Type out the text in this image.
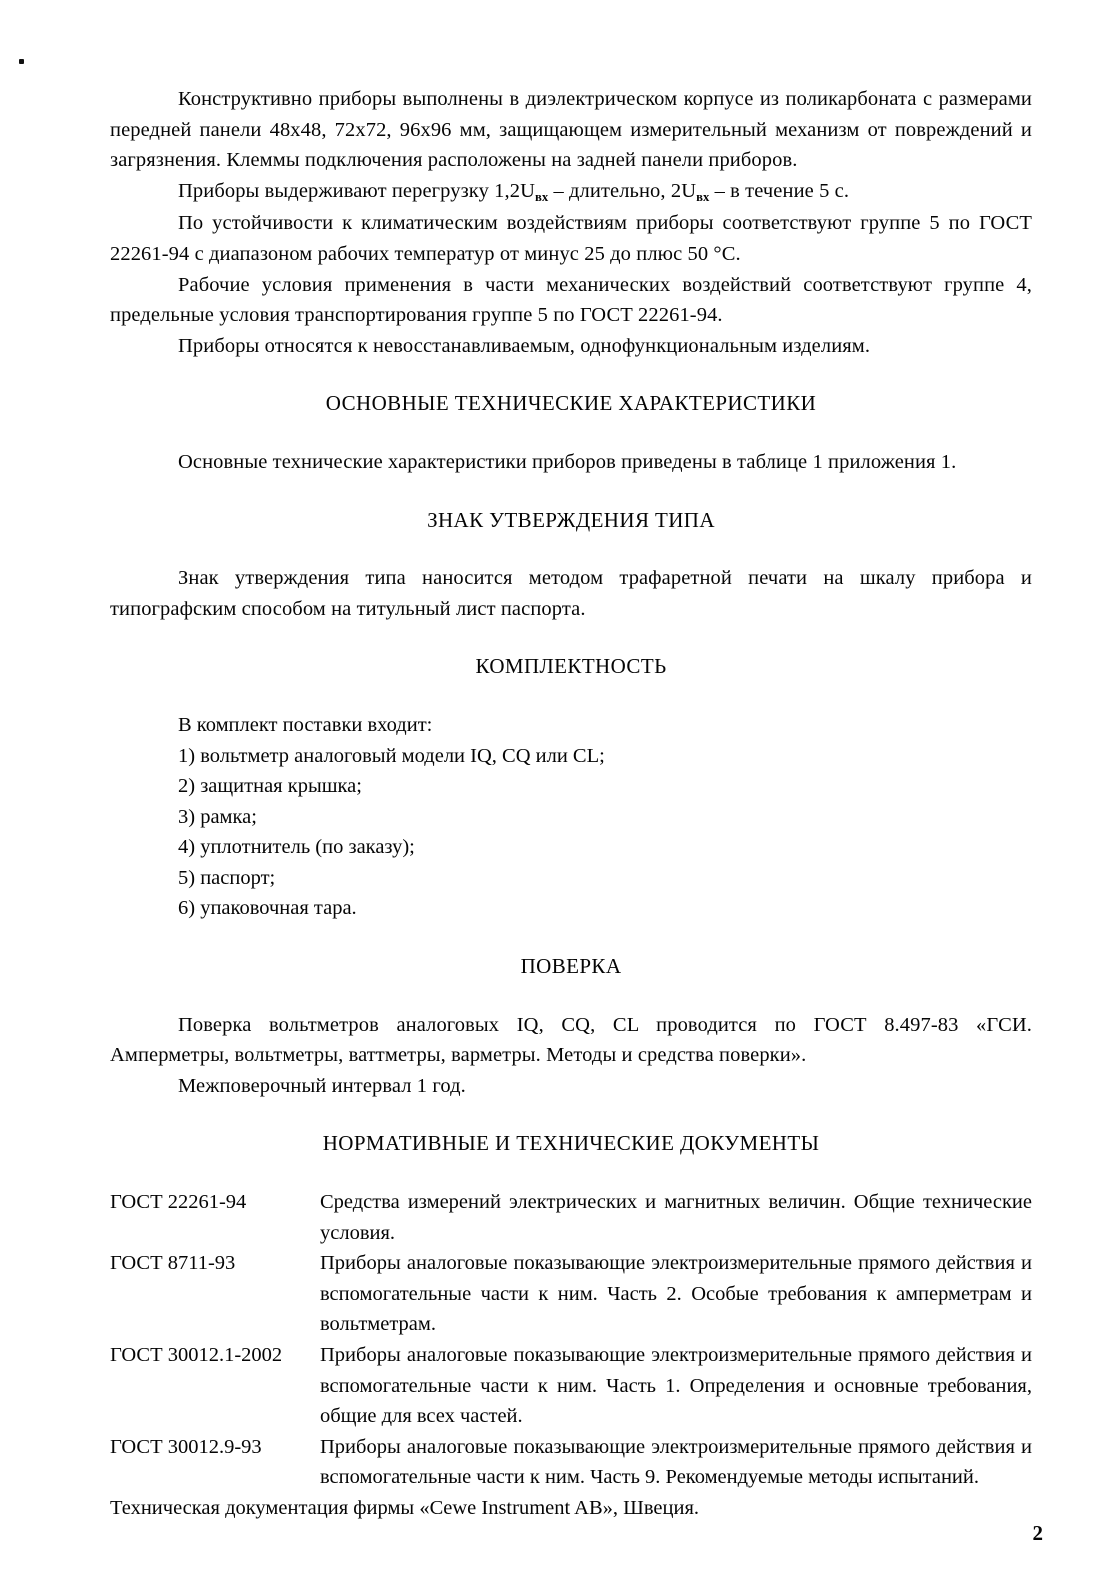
Конструктивно приборы выполнены в диэлектрическом корпусе из поликарбоната с размерами передней панели 48х48, 72х72, 96х96 мм, защищающем измерительный механизм от повреждений и загрязнения. Клеммы подключения расположены на задней панели приборов.

Приборы выдерживают перегрузку $1,2U_{вх}$ – длительно, $2U_{вх}$ – в течение 5 с.

По устойчивости к климатическим воздействиям приборы соответствуют группе 5 по ГОСТ 22261-94 с диапазоном рабочих температур от минус 25 до плюс 50 °С.

Рабочие условия применения в части механических воздействий соответствуют группе 4, предельные условия транспортирования группе 5 по ГОСТ 22261-94.

Приборы относятся к невосстанавливаемым, однофункциональным изделиям.

ОСНОВНЫЕ ТЕХНИЧЕСКИЕ ХАРАКТЕРИСТИКИ

Основные технические характеристики приборов приведены в таблице 1 приложения 1.

ЗНАК УТВЕРЖДЕНИЯ ТИПА

Знак утверждения типа наносится методом трафаретной печати на шкалу прибора и типографским способом на титульный лист паспорта.

КОМПЛЕКТНОСТЬ
В комплект поставки входит:
1) вольтметр аналоговый модели IQ, CQ или CL;
2) защитная крышка;
3) рамка;
4) уплотнитель (по заказу);
5) паспорт;
6) упаковочная тара.
ПОВЕРКА

Поверка вольтметров аналоговых IQ, CQ, CL проводится по ГОСТ 8.497-83 «ГСИ. Амперметры, вольтметры, ваттметры, варметры. Методы и средства поверки».

Межповерочный интервал 1 год.

НОРМАТИВНЫЕ И ТЕХНИЧЕСКИЕ ДОКУМЕНТЫ
ГОСТ 22261-94	Средства измерений электрических и магнитных величин. Общие технические условия.
ГОСТ 8711-93	Приборы аналоговые показывающие электроизмерительные прямого действия и вспомогательные части к ним. Часть 2. Особые требования к амперметрам и вольтметрам.
ГОСТ 30012.1-2002	Приборы аналоговые показывающие электроизмерительные прямого действия и вспомогательные части к ним. Часть 1. Определения и основные требования, общие для всех частей.
ГОСТ 30012.9-93	Приборы аналоговые показывающие электроизмерительные прямого действия и вспомогательные части к ним. Часть 9. Рекомендуемые методы испытаний.
Техническая документация фирмы «Cewe Instrument AB», Швеция.
2
